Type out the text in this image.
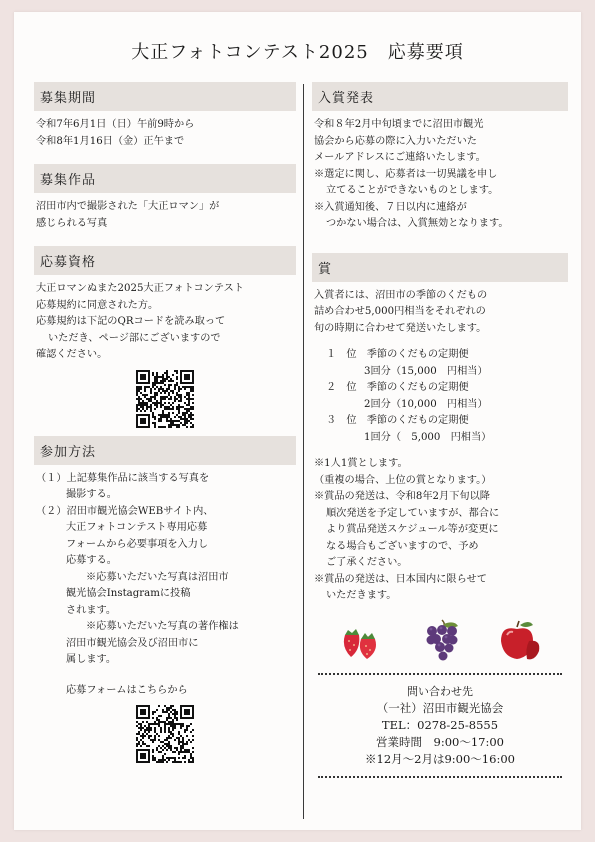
大正フォトコンテスト2025　応募要項
募集期間
令和7年6月1日（日）午前9時から
令和8年1月16日（金）正午まで
募集作品
沼田市内で撮影された「大正ロマン」が
感じられる写真
応募資格
大正ロマンぬまた2025大正フォトコンテスト
応募規約に同意された方。
応募規約は下記のQRコードを読み取って
いただき、ページ部にございますので
確認ください。
参加方法
（１）上記募集作品に該当する写真を
撮影する。
（２）沼田市観光協会WEBサイト内、
大正フォトコンテスト専用応募
フォームから必要事項を入力し
応募する。
※応募いただいた写真は沼田市
観光協会Instagramに投稿
されます。
※応募いただいた写真の著作権は
沼田市観光協会及び沼田市に
属します。
応募フォームはこちらから
入賞発表
令和８年2月中旬頃までに沼田市観光
協会から応募の際に入力いただいた
メールアドレスにご連絡いたします。
※選定に関し、応募者は一切異議を申し
立てることができないものとします。
※入賞通知後、７日以内に連絡が
つかない場合は、入賞無効となります。
賞
入賞者には、沼田市の季節のくだもの
詰め合わせ5,000円相当をそれぞれの
旬の時期に合わせて発送いたします。
１　位　 季節のくだもの定期便
3回分（15,000　円相当）
２　位　 季節のくだもの定期便
2回分（10,000　円相当）
３　位　 季節のくだもの定期便
1回分（　5,000　円相当）
※1人1賞とします。
（重複の場合、上位の賞となります。）
※賞品の発送は、令和8年2月下旬以降
順次発送を予定していますが、都合に
より賞品発送スケジュール等が変更に
なる場合もございますので、予め
ご了承ください。
※賞品の発送は、日本国内に限らせて
いただきます。
問い合わせ先
（一社）沼田市観光協会
TEL：0278-25-8555
営業時間　9:00～17:00
※12月～2月は9:00～16:00
